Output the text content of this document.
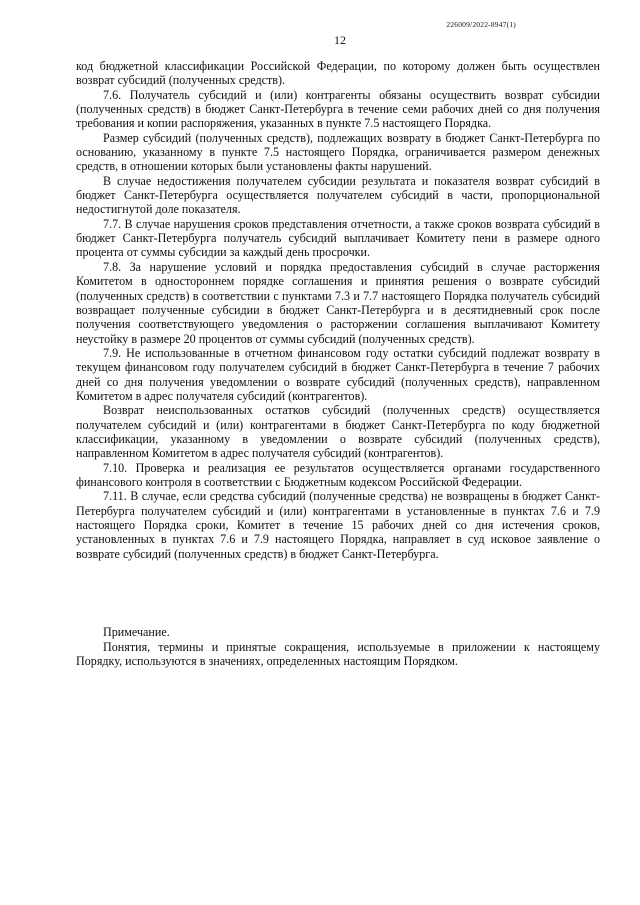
226009/2022-8947(1)
12

код бюджетной классификации Российской Федерации, по которому должен быть осуществлен возврат субсидий (полученных средств).

7.6. Получатель субсидий и (или) контрагенты обязаны осуществить возврат субсидии (полученных средств) в бюджет Санкт-Петербурга в течение семи рабочих дней со дня получения требования и копии распоряжения, указанных в пункте 7.5 настоящего Порядка.

Размер субсидий (полученных средств), подлежащих возврату в бюджет Санкт-Петербурга по основанию, указанному в пункте 7.5 настоящего Порядка, ограничивается размером денежных средств, в отношении которых были установлены факты нарушений.

В случае недостижения получателем субсидии результата и показателя возврат субсидий в бюджет Санкт-Петербурга осуществляется получателем субсидий в части, пропорциональной недостигнутой доле показателя.

7.7. В случае нарушения сроков представления отчетности, а также сроков возврата субсидий в бюджет Санкт-Петербурга получатель субсидий выплачивает Комитету пени в размере одного процента от суммы субсидии за каждый день просрочки.

7.8. За нарушение условий и порядка предоставления субсидий в случае расторжения Комитетом в одностороннем порядке соглашения и принятия решения о возврате субсидий (полученных средств) в соответствии с пунктами 7.3 и 7.7 настоящего Порядка получатель субсидий возвращает полученные субсидии в бюджет Санкт-Петербурга и в десятидневный срок после получения соответствующего уведомления о расторжении соглашения выплачивают Комитету неустойку в размере 20 процентов от суммы субсидий (полученных средств).

7.9. Не использованные в отчетном финансовом году остатки субсидий подлежат возврату в текущем финансовом году получателем субсидий в бюджет Санкт-Петербурга в течение 7 рабочих дней со дня получения уведомлении о возврате субсидий (полученных средств), направленном Комитетом в адрес получателя субсидий (контрагентов).

Возврат неиспользованных остатков субсидий (полученных средств) осуществляется получателем субсидий и (или) контрагентами в бюджет Санкт-Петербурга по коду бюджетной классификации, указанному в уведомлении о возврате субсидий (полученных средств), направленном Комитетом в адрес получателя субсидий (контрагентов).

7.10. Проверка и реализация ее результатов осуществляется органами государственного финансового контроля в соответствии с Бюджетным кодексом Российской Федерации.

7.11. В случае, если средства субсидий (полученные средства) не возвращены в бюджет Санкт-Петербурга получателем субсидий и (или) контрагентами в установленные в пунктах 7.6 и 7.9 настоящего Порядка сроки, Комитет в течение 15 рабочих дней со дня истечения сроков, установленных в пунктах 7.6 и 7.9 настоящего Порядка, направляет в суд исковое заявление о возврате субсидий (полученных средств) в бюджет Санкт-Петербурга.

Примечание.

Понятия, термины и принятые сокращения, используемые в приложении к настоящему Порядку, используются в значениях, определенных настоящим Порядком.
